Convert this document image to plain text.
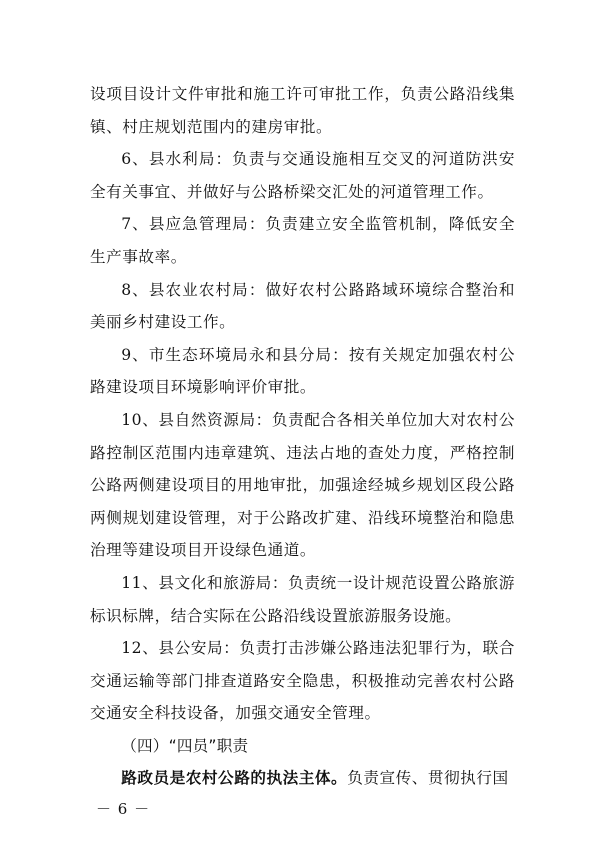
设项目设计文件审批和施工许可审批工作，负责公路沿线集镇、村庄规划范围内的建房审批。

6、县水利局：负责与交通设施相互交叉的河道防洪安全有关事宜、并做好与公路桥梁交汇处的河道管理工作。

7、县应急管理局：负责建立安全监管机制，降低安全生产事故率。

8、县农业农村局：做好农村公路路域环境综合整治和美丽乡村建设工作。

9、市生态环境局永和县分局：按有关规定加强农村公路建设项目环境影响评价审批。

10、县自然资源局：负责配合各相关单位加大对农村公路控制区范围内违章建筑、违法占地的查处力度，严格控制公路两侧建设项目的用地审批，加强途经城乡规划区段公路两侧规划建设管理，对于公路改扩建、沿线环境整治和隐患治理等建设项目开设绿色通道。

11、县文化和旅游局：负责统一设计规范设置公路旅游标识标牌，结合实际在公路沿线设置旅游服务设施。

12、县公安局：负责打击涉嫌公路违法犯罪行为，联合交通运输等部门排查道路安全隐患，积极推动完善农村公路交通安全科技设备，加强交通安全管理。

（四）“四员”职责

路政员是农村公路的执法主体。负责宣传、贯彻执行国

－ 6 －
